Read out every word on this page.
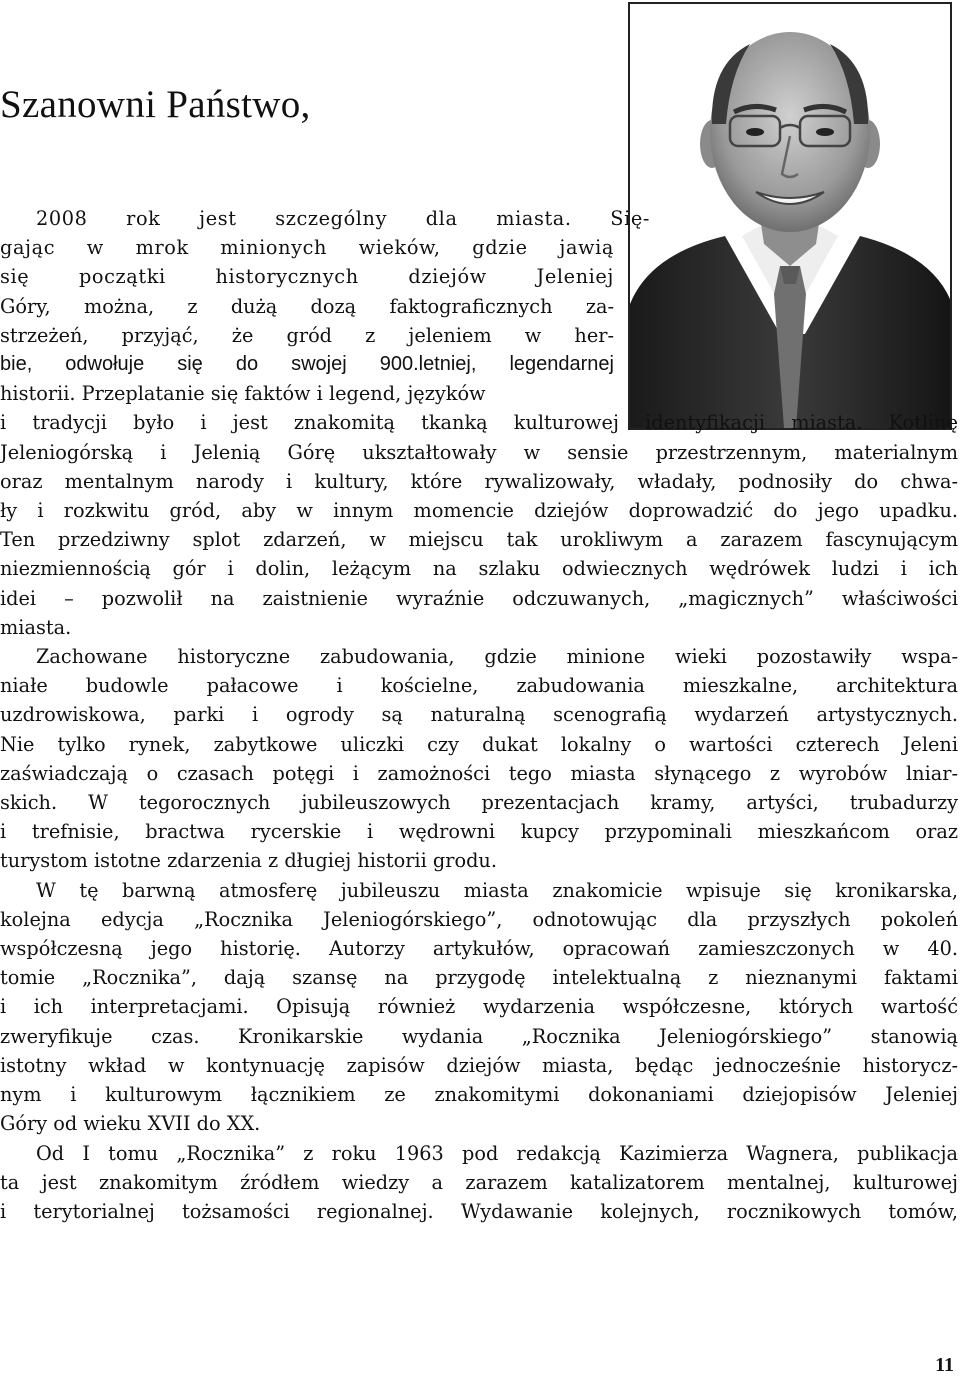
Szanowni Państwo,
2008 rok jest szczególny dla miasta. Się-
gając w mrok minionych wieków, gdzie jawią
się początki historycznych dziejów Jeleniej
Góry, można, z dużą dozą faktograficznych za-
strzeżeń, przyjąć, że gród z jeleniem w her-
bie, odwołuje się do swojej 900.letniej, legendarnej
historii. Przeplatanie się faktów i legend, języków
i tradycji było i jest znakomitą tkanką kulturowej identyfikacji miasta. Kotlinę
Jeleniogórską i Jelenią Górę ukształtowały w sensie przestrzennym, materialnym
oraz mentalnym narody i kultury, które rywalizowały, władały, podnosiły do chwa-
ły i rozkwitu gród, aby w innym momencie dziejów doprowadzić do jego upadku.
Ten przedziwny splot zdarzeń, w miejscu tak urokliwym a zarazem fascynującym
niezmiennością gór i dolin, leżącym na szlaku odwiecznych wędrówek ludzi i ich
idei – pozwolił na zaistnienie wyraźnie odczuwanych, „magicznych” właściwości
miasta.
Zachowane historyczne zabudowania, gdzie minione wieki pozostawiły wspa-
niałe budowle pałacowe i kościelne, zabudowania mieszkalne, architektura
uzdrowiskowa, parki i ogrody są naturalną scenografią wydarzeń artystycznych.
Nie tylko rynek, zabytkowe uliczki czy dukat lokalny o wartości czterech Jeleni
zaświadczają o czasach potęgi i zamożności tego miasta słynącego z wyrobów lniar-
skich. W tegorocznych jubileuszowych prezentacjach kramy, artyści, trubadurzy
i trefnisie, bractwa rycerskie i wędrowni kupcy przypominali mieszkańcom oraz
turystom istotne zdarzenia z długiej historii grodu.
W tę barwną atmosferę jubileuszu miasta znakomicie wpisuje się kronikarska,
kolejna edycja „Rocznika Jeleniogórskiego”, odnotowując dla przyszłych pokoleń
współczesną jego historię. Autorzy artykułów, opracowań zamieszczonych w 40.
tomie „Rocznika”, dają szansę na przygodę intelektualną z nieznanymi faktami
i ich interpretacjami. Opisują również wydarzenia współczesne, których wartość
zweryfikuje czas. Kronikarskie wydania „Rocznika Jeleniogórskiego” stanowią
istotny wkład w kontynuację zapisów dziejów miasta, będąc jednocześnie historycz-
nym i kulturowym łącznikiem ze znakomitymi dokonaniami dziejopisów Jeleniej
Góry od wieku XVII do XX.
Od I tomu „Rocznika” z roku 1963 pod redakcją Kazimierza Wagnera, publikacja
ta jest znakomitym źródłem wiedzy a zarazem katalizatorem mentalnej, kulturowej
i terytorialnej tożsamości regionalnej. Wydawanie kolejnych, rocznikowych tomów,
11
